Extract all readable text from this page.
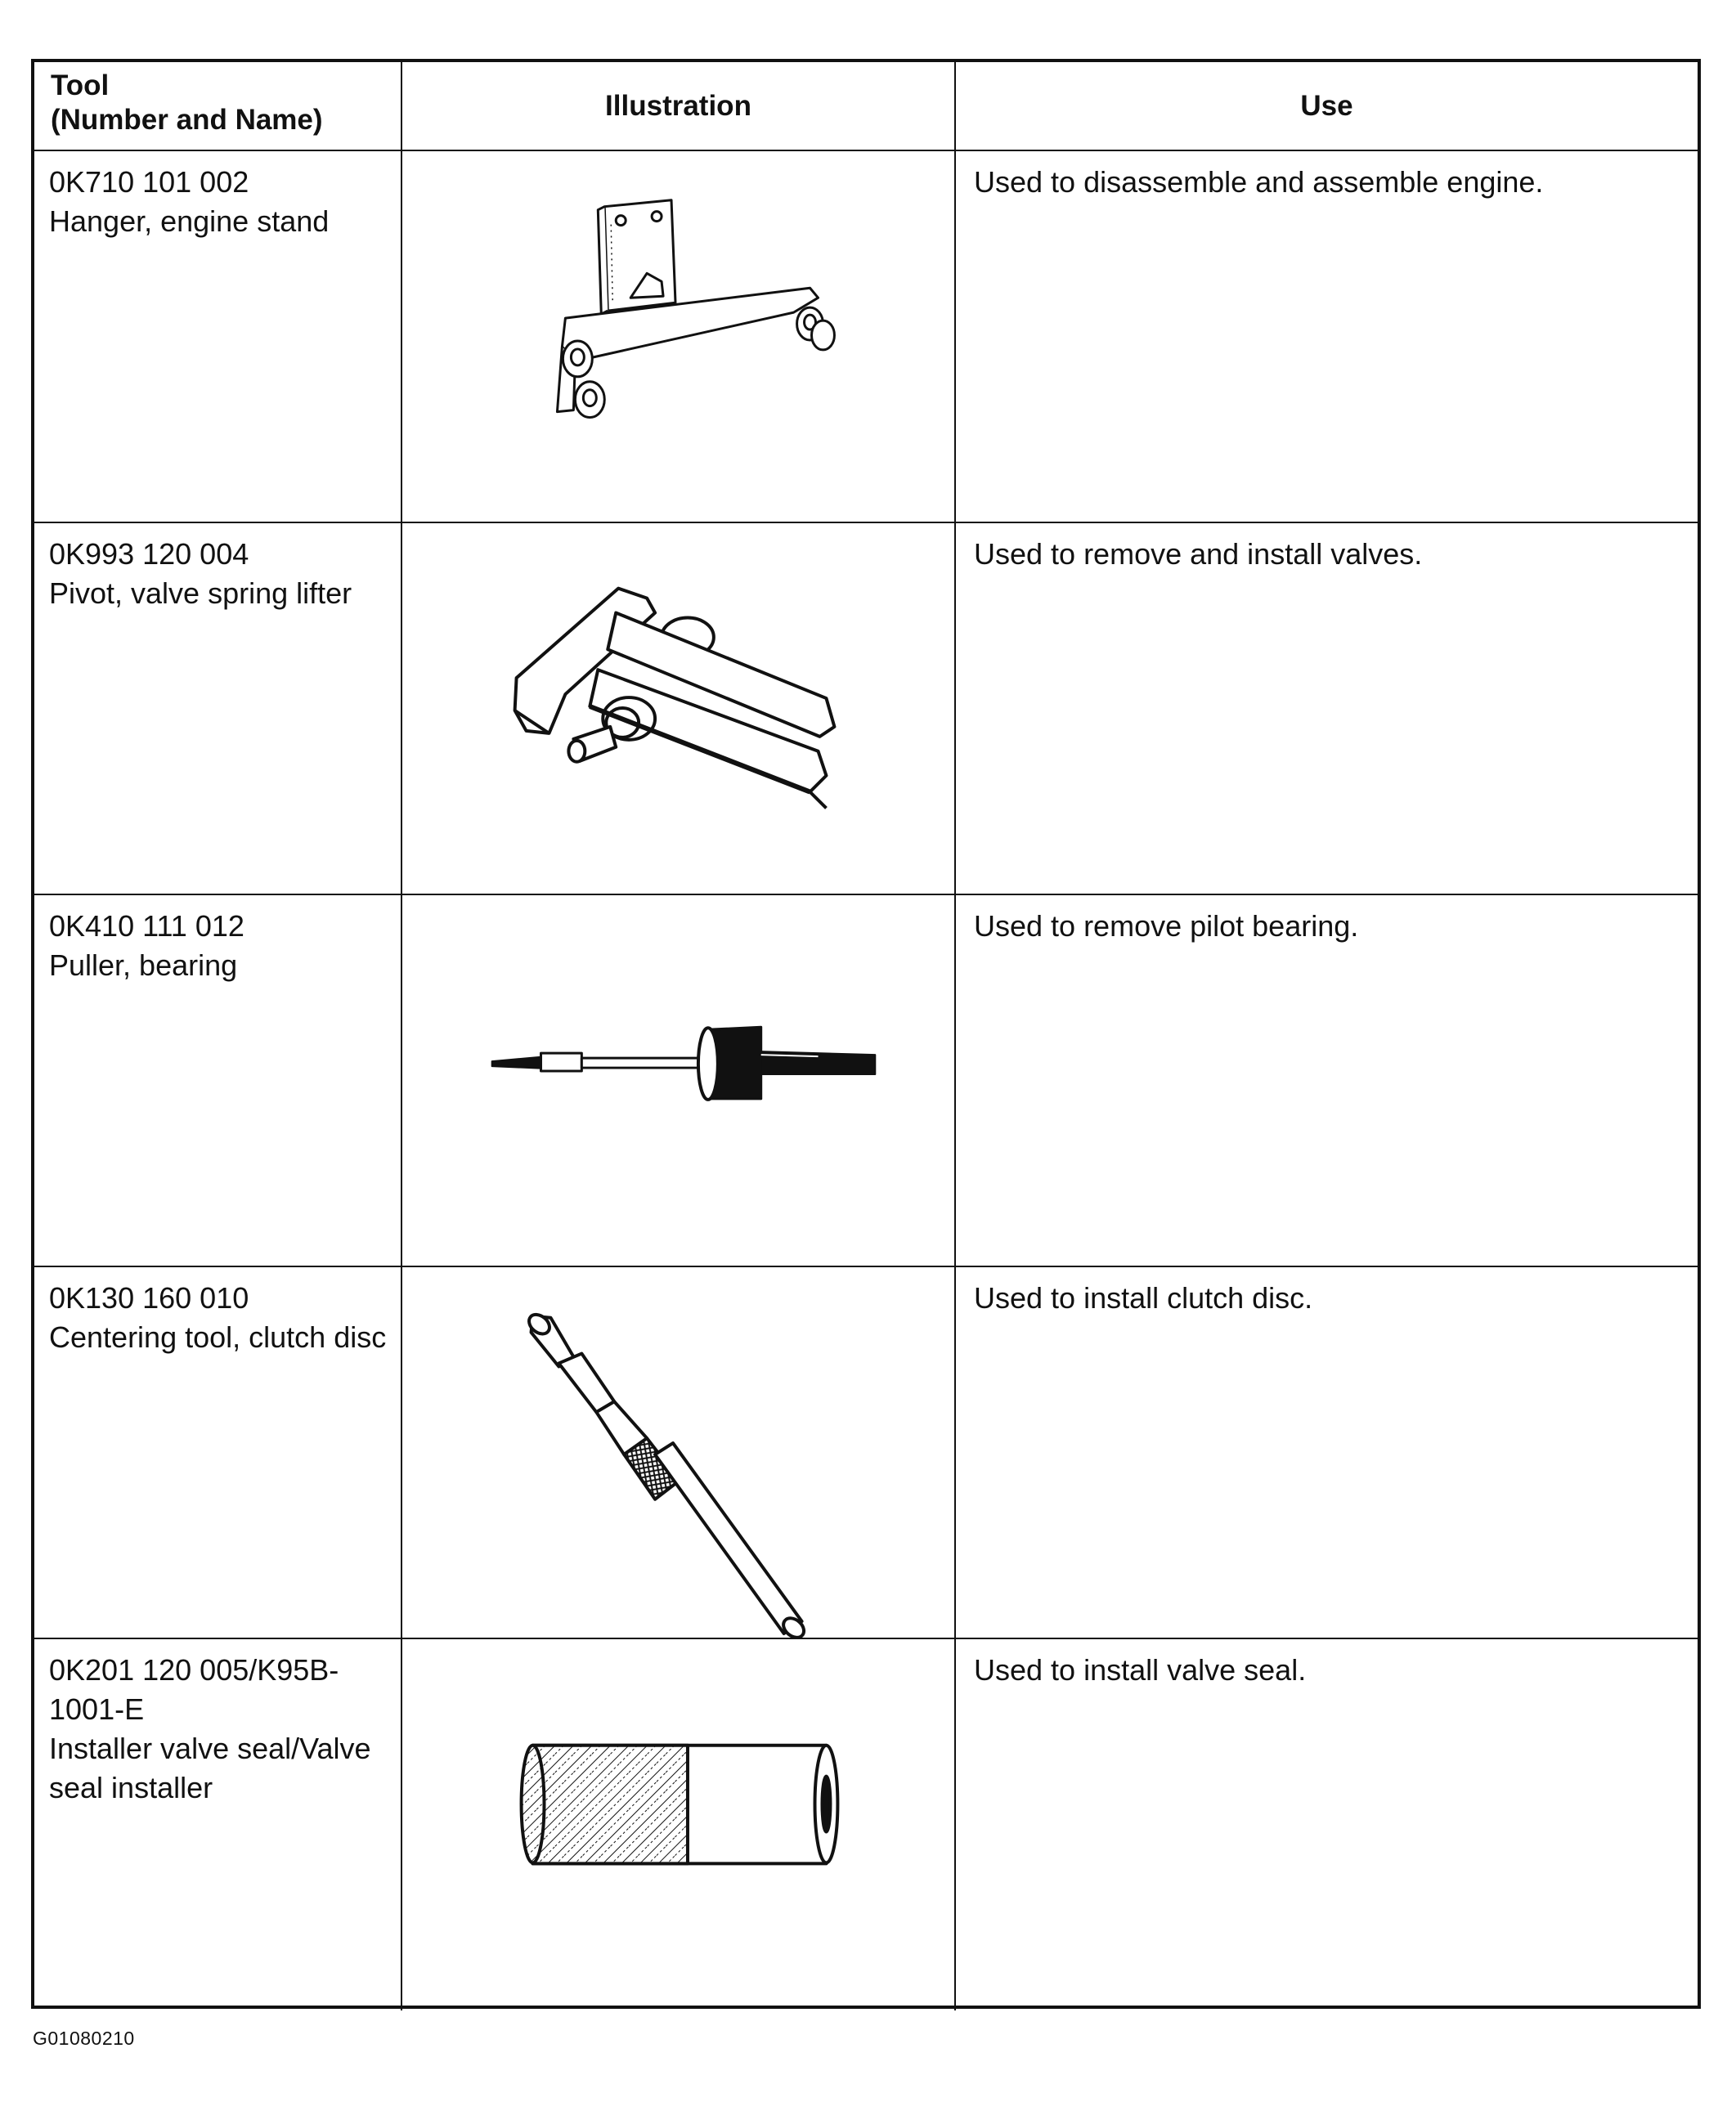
Tool
(Number and Name)	Illustration	Use

0K710 101 002
Hanger, engine stand		Used to disassemble and assemble engine.

0K993 120 004
Pivot, valve spring lifter		Used to remove and install valves.

0K410 111 012
Puller, bearing		Used to remove pilot bearing.

0K130 160 010
Centering tool, clutch disc		Used to install clutch disc.

0K201 120 005/K95B-1001-E
Installer valve seal/Valve seal installer		Used to install valve seal.
G01080210
